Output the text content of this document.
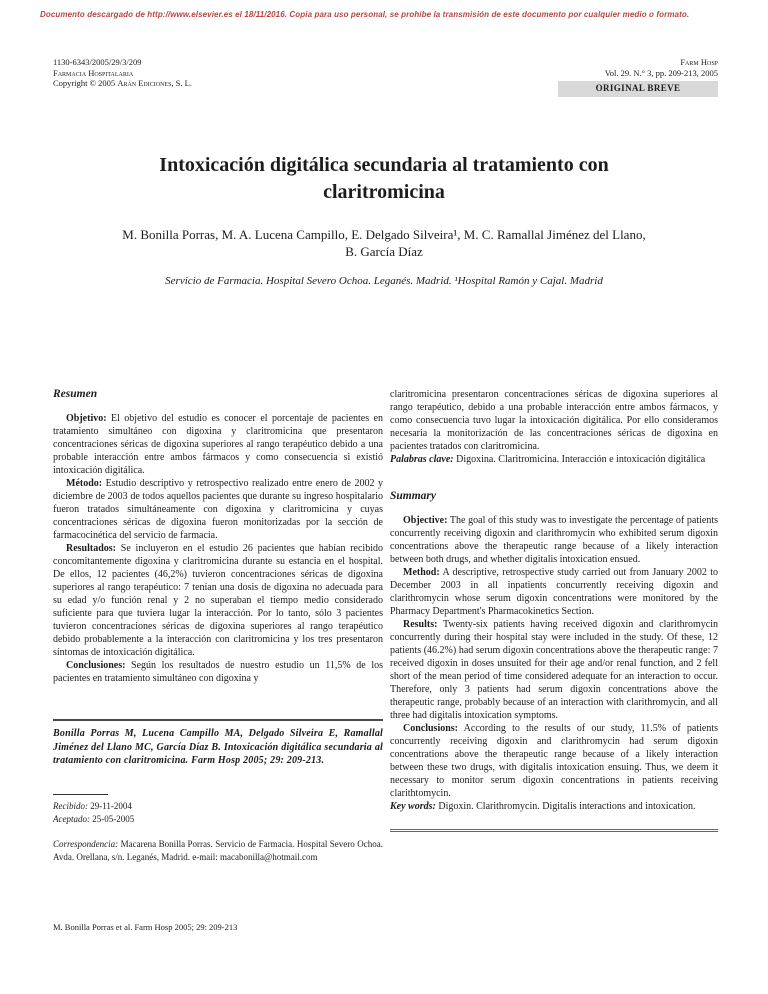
Documento descargado de http://www.elsevier.es el 18/11/2016. Copia para uso personal, se prohibe la transmisión de este documento por cualquier medio o formato.
1130-6343/2005/29/3/209
Farmacia Hospitalaria
Copyright © 2005 Arán Ediciones, S. L.
Farm Hosp
Vol. 29. N.° 3, pp. 209-213, 2005
ORIGINAL BREVE
Intoxicación digitálica secundaria al tratamiento con
claritromicina
M. Bonilla Porras, M. A. Lucena Campillo, E. Delgado Silveira¹, M. C. Ramallal Jiménez del Llano,
B. García Díaz
Servicio de Farmacia. Hospital Severo Ochoa. Leganés. Madrid. ¹Hospital Ramón y Cajal. Madrid
Resumen

Objetivo: El objetivo del estudio es conocer el porcentaje de pacientes en tratamiento simultáneo con digoxina y claritromicina que presentaron concentraciones séricas de digoxina superiores al rango terapéutico debido a una probable interacción entre ambos fármacos y como consecuencia si existió intoxicación digitálica.

Método: Estudio descriptivo y retrospectivo realizado entre enero de 2002 y diciembre de 2003 de todos aquellos pacientes que durante su ingreso hospitalario fueron tratados simultáneamente con digoxina y claritromicina y cuyas concentraciones séricas de digoxina fueron monitorizadas por la sección de farmacocinética del servicio de farmacia.

Resultados: Se incluyeron en el estudio 26 pacientes que habían recibido concomitantemente digoxina y claritromicina durante su estancia en el hospital. De ellos, 12 pacientes (46,2%) tuvieron concentraciones séricas de digoxina superiores al rango terapéutico: 7 tenían una dosis de digoxina no adecuada para su edad y/o función renal y 2 no superaban el tiempo medio considerado suficiente para que tuviera lugar la interacción. Por lo tanto, sólo 3 pacientes tuvieron concentraciones séricas de digoxina superiores al rango terapéutico debido probablemente a la interacción con claritromicina y los tres presentaron síntomas de intoxicación digitálica.

Conclusiones: Según los resultados de nuestro estudio un 11,5% de los pacientes en tratamiento simultáneo con digoxina y

Bonilla Porras M, Lucena Campillo MA, Delgado Silveira E, Ramallal Jiménez del Llano MC, García Díaz B. Intoxicación digitálica secundaria al tratamiento con claritromicina. Farm Hosp 2005; 29: 209-213.
Recibido: 29-11-2004
Aceptado: 25-05-2005

Correspondencia: Macarena Bonilla Porras. Servicio de Farmacia. Hospital Severo Ochoa. Avda. Orellana, s/n. Leganés, Madrid. e-mail: macabonilla@hotmail.com

claritromicina presentaron concentraciones séricas de digoxina superiores al rango terapéutico, debido a una probable interacción entre ambos fármacos, y como consecuencia tuvo lugar la intoxicación digitálica. Por ello consideramos necesaria la monitorización de las concentraciones séricas de digoxina en pacientes tratados con claritromicina.

Palabras clave: Digoxina. Claritromicina. Interacción e intoxicación digitálica

Summary

Objective: The goal of this study was to investigate the percentage of patients concurrently receiving digoxin and clarithromycin who exhibited serum digoxin concentrations above the therapeutic range because of a likely interaction between both drugs, and whether digitalis intoxication ensued.

Method: A descriptive, retrospective study carried out from January 2002 to December 2003 in all inpatients concurrently receiving digoxin and clarithromycin whose serum digoxin concentrations were monitored by the Pharmacy Department's Pharmacokinetics Section.

Results: Twenty-six patients having received digoxin and clarithromycin concurrently during their hospital stay were included in the study. Of these, 12 patients (46.2%) had serum digoxin concentrations above the therapeutic range: 7 received digoxin in doses unsuited for their age and/or renal function, and 2 fell short of the mean period of time considered adequate for an interaction to occur. Therefore, only 3 patients had serum digoxin concentrations above the therapeutic range, probably because of an interaction with clarithromycin, and all three had digitalis intoxication symptoms.

Conclusions: According to the results of our study, 11.5% of patients concurrently receiving digoxin and clarithromycin had serum digoxin concentrations above the therapeutic range because of a likely interaction between these two drugs, with digitalis intoxication ensuing. Thus, we deem it necessary to monitor serum digoxin concentrations in patients receiving clarithtomycin.

Key words: Digoxin. Clarithromycin. Digitalis interactions and intoxication.

M. Bonilla Porras et al. Farm Hosp 2005; 29: 209-213
